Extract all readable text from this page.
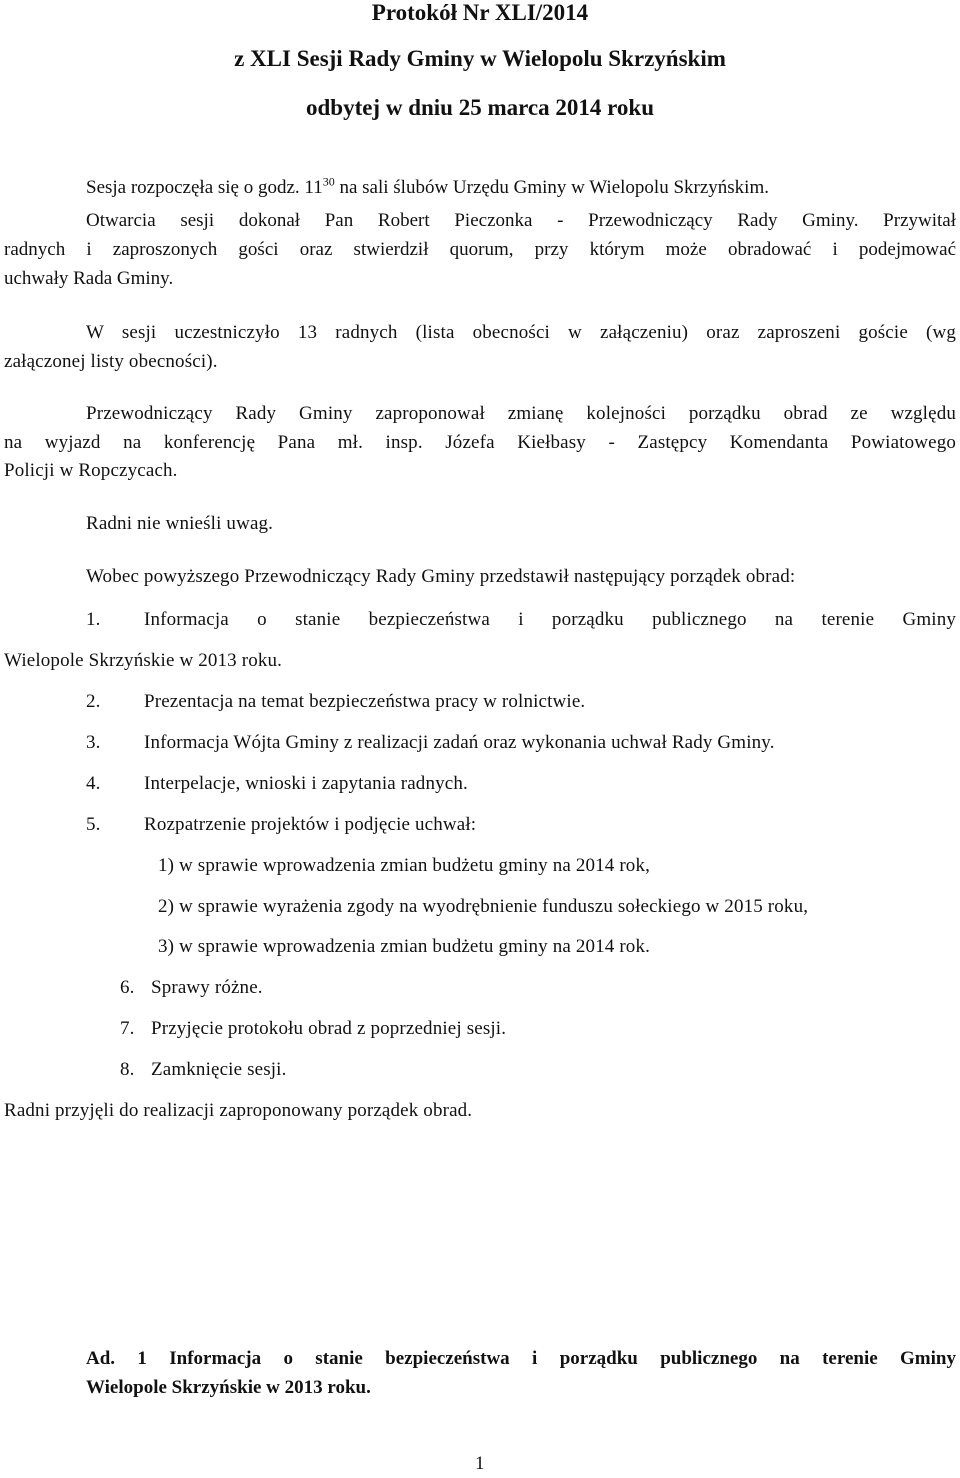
Protokół Nr XLI/2014
z XLI Sesji Rady Gminy w Wielopolu Skrzyńskim
odbytej w dniu 25 marca 2014 roku
Sesja rozpoczęła się o godz. $11^{30}$ na sali ślubów Urzędu Gminy w Wielopolu Skrzyńskim.
Otwarcia sesji dokonał Pan Robert Pieczonka - Przewodniczący Rady Gminy. Przywitał
radnych i zaproszonych gości oraz stwierdził quorum, przy którym może obradować i podejmować
uchwały Rada Gminy.
W sesji uczestniczyło 13 radnych (lista obecności w załączeniu) oraz zaproszeni goście (wg
załączonej listy obecności).
Przewodniczący Rady Gminy zaproponował zmianę kolejności porządku obrad ze względu
na wyjazd na konferencję Pana mł. insp. Józefa Kiełbasy - Zastępcy Komendanta Powiatowego
Policji w Ropczycach.
Radni nie wnieśli uwag.
Wobec powyższego Przewodniczący Rady Gminy przedstawił następujący porządek obrad:
1. Informacja o stanie bezpieczeństwa i porządku publicznego na terenie Gminy
Wielopole Skrzyńskie w 2013 roku.
2. Prezentacja na temat bezpieczeństwa pracy w rolnictwie.
3. Informacja Wójta Gminy z realizacji zadań oraz wykonania uchwał Rady Gminy.
4. Interpelacje, wnioski i zapytania radnych.
5. Rozpatrzenie projektów i podjęcie uchwał:
1) w sprawie wprowadzenia zmian budżetu gminy na 2014 rok,
2) w sprawie wyrażenia zgody na wyodrębnienie funduszu sołeckiego w 2015 roku,
3) w sprawie wprowadzenia zmian budżetu gminy na 2014 rok.
6. Sprawy różne.
7. Przyjęcie protokołu obrad z poprzedniej sesji.
8. Zamknięcie sesji.
Radni przyjęli do realizacji zaproponowany porządek obrad.
Ad. 1 Informacja o stanie bezpieczeństwa i porządku publicznego na terenie Gminy
Wielopole Skrzyńskie w 2013 roku.
1
